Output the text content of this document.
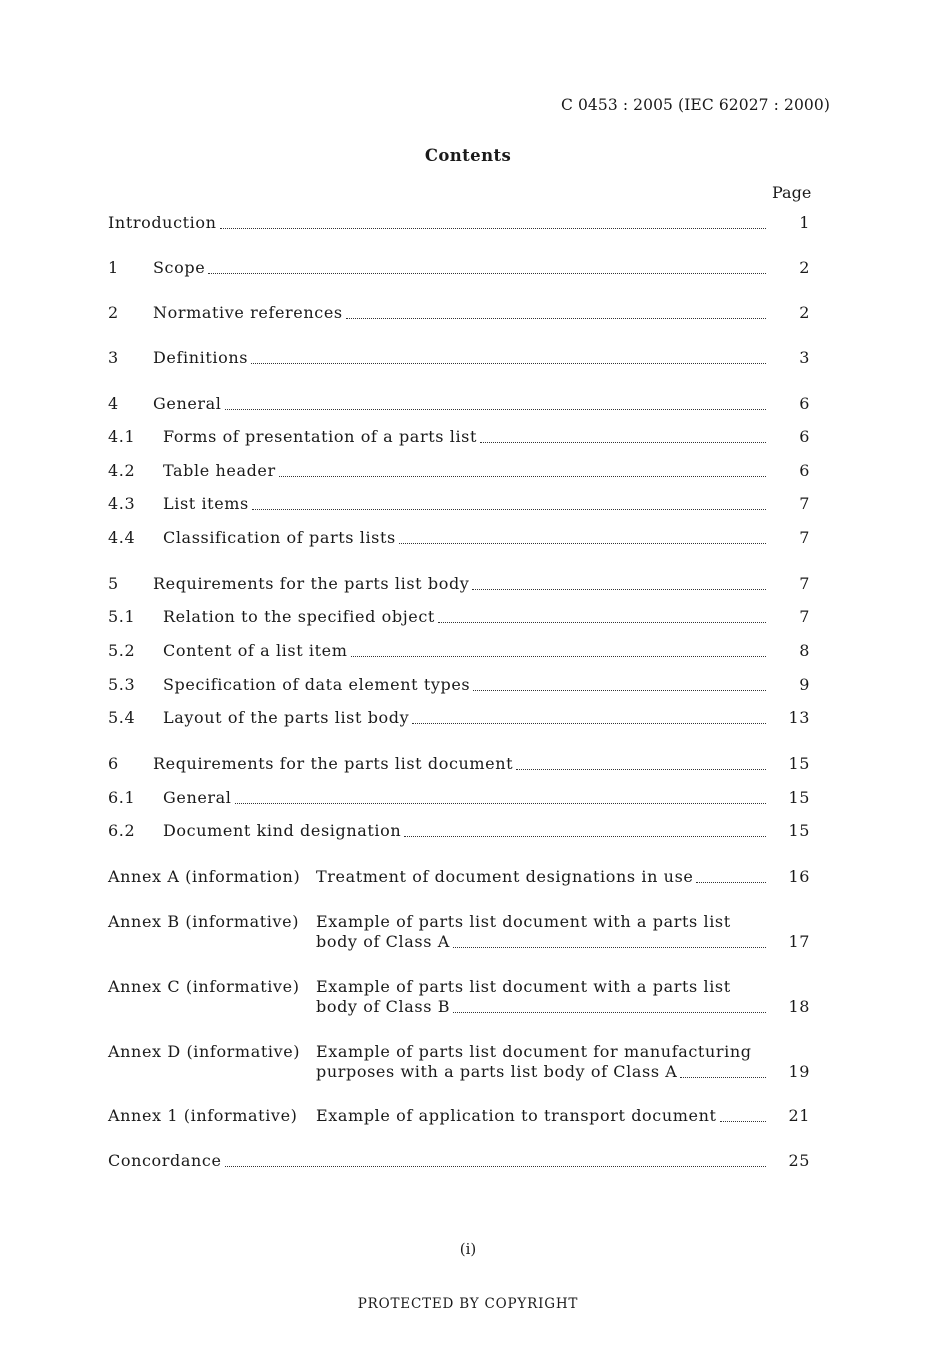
C 0453 : 2005 (IEC 62027 : 2000)
Contents
Page
Introduction	1
1 Scope	2
2 Normative references	2
3 Definitions	3
4 General	6
4.1 Forms of presentation of a parts list	6
4.2 Table header	6
4.3 List items	7
4.4 Classification of parts lists	7
5 Requirements for the parts list body	7
5.1 Relation to the specified object	7
5.2 Content of a list item	8
5.3 Specification of data element types	9
5.4 Layout of the parts list body	13
6 Requirements for the parts list document	15
6.1 General	15
6.2 Document kind designation	15
Annex A (information) Treatment of document designations in use	16
Annex B (informative) Example of parts list document with a parts list
body of Class A	17
Annex C (informative) Example of parts list document with a parts list
body of Class B	18
Annex D (informative) Example of parts list document for manufacturing
purposes with a parts list body of Class A	19
Annex 1 (informative) Example of application to transport document	21
Concordance	25
(i)
PROTECTED BY COPYRIGHT
